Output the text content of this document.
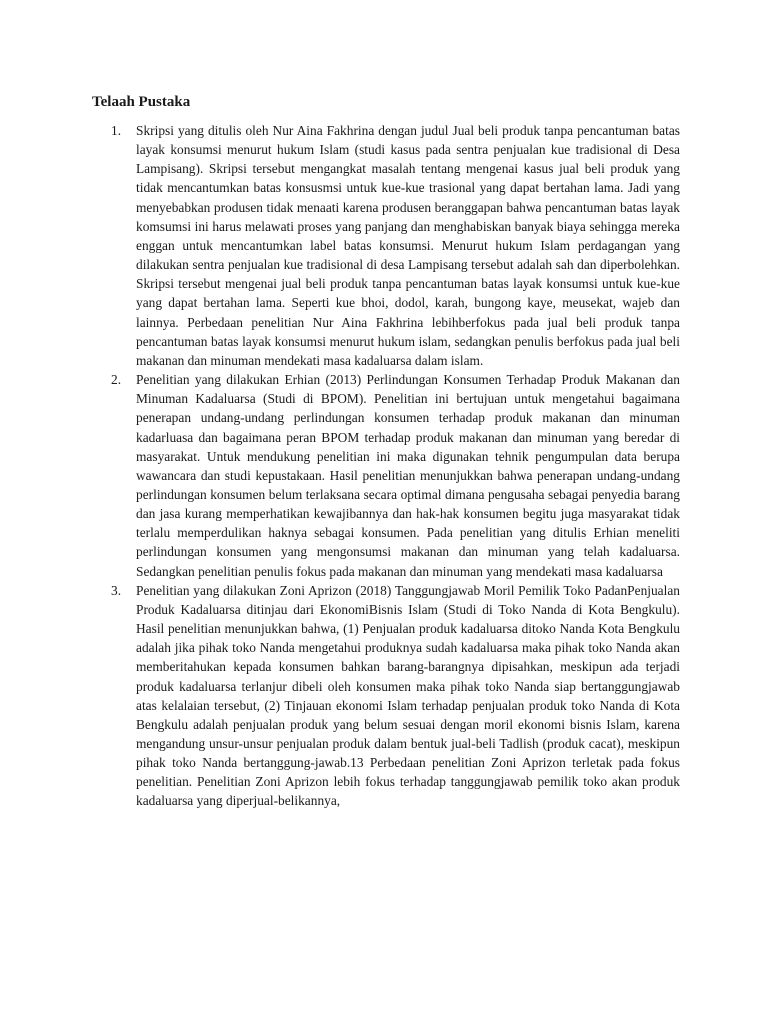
Telaah Pustaka
1. Skripsi yang ditulis oleh Nur Aina Fakhrina dengan judul Jual beli produk tanpa pencantuman batas layak konsumsi menurut hukum Islam (studi kasus pada sentra penjualan kue tradisional di Desa Lampisang). Skripsi tersebut mengangkat masalah tentang mengenai kasus jual beli produk yang tidak mencantumkan batas konsusmsi untuk kue-kue trasional yang dapat bertahan lama. Jadi yang menyebabkan produsen tidak menaati karena produsen beranggapan bahwa pencantuman batas layak komsumsi ini harus melawati proses yang panjang dan menghabiskan banyak biaya sehingga mereka enggan untuk mencantumkan label batas konsumsi. Menurut hukum Islam perdagangan yang dilakukan sentra penjualan kue tradisional di desa Lampisang tersebut adalah sah dan diperbolehkan. Skripsi tersebut mengenai jual beli produk tanpa pencantuman batas layak konsumsi untuk kue-kue yang dapat bertahan lama. Seperti kue bhoi, dodol, karah, bungong kaye, meusekat, wajeb dan lainnya. Perbedaan penelitian Nur Aina Fakhrina lebihberfokus pada jual beli produk tanpa pencantuman batas layak konsumsi menurut hukum islam, sedangkan penulis berfokus pada jual beli makanan dan minuman mendekati masa kadaluarsa dalam islam.
2. Penelitian yang dilakukan Erhian (2013) Perlindungan Konsumen Terhadap Produk Makanan dan Minuman Kadaluarsa (Studi di BPOM). Penelitian ini bertujuan untuk mengetahui bagaimana penerapan undang-undang perlindungan konsumen terhadap produk makanan dan minuman kadarluasa dan bagaimana peran BPOM terhadap produk makanan dan minuman yang beredar di masyarakat. Untuk mendukung penelitian ini maka digunakan tehnik pengumpulan data berupa wawancara dan studi kepustakaan. Hasil penelitian menunjukkan bahwa penerapan undang-undang perlindungan konsumen belum terlaksana secara optimal dimana pengusaha sebagai penyedia barang dan jasa kurang memperhatikan kewajibannya dan hak-hak konsumen begitu juga masyarakat tidak terlalu memperdulikan haknya sebagai konsumen. Pada penelitian yang ditulis Erhian meneliti perlindungan konsumen yang mengonsumsi makanan dan minuman yang telah kadaluarsa. Sedangkan penelitian penulis fokus pada makanan dan minuman yang mendekati masa kadaluarsa
3. Penelitian yang dilakukan Zoni Aprizon (2018) Tanggungjawab Moril Pemilik Toko PadanPenjualan Produk Kadaluarsa ditinjau dari EkonomiBisnis Islam (Studi di Toko Nanda di Kota Bengkulu). Hasil penelitian menunjukkan bahwa, (1) Penjualan produk kadaluarsa ditoko Nanda Kota Bengkulu adalah jika pihak toko Nanda mengetahui produknya sudah kadaluarsa maka pihak toko Nanda akan memberitahukan kepada konsumen bahkan barang-barangnya dipisahkan, meskipun ada terjadi produk kadaluarsa terlanjur dibeli oleh konsumen maka pihak toko Nanda siap bertanggungjawab atas kelalaian tersebut, (2) Tinjauan ekonomi Islam terhadap penjualan produk toko Nanda di Kota Bengkulu adalah penjualan produk yang belum sesuai dengan moril ekonomi bisnis Islam, karena mengandung unsur-unsur penjualan produk dalam bentuk jual-beli Tadlish (produk cacat), meskipun pihak toko Nanda bertanggung-jawab.13 Perbedaan penelitian Zoni Aprizon terletak pada fokus penelitian. Penelitian Zoni Aprizon lebih fokus terhadap tanggungjawab pemilik toko akan produk kadaluarsa yang diperjual-belikannya,
